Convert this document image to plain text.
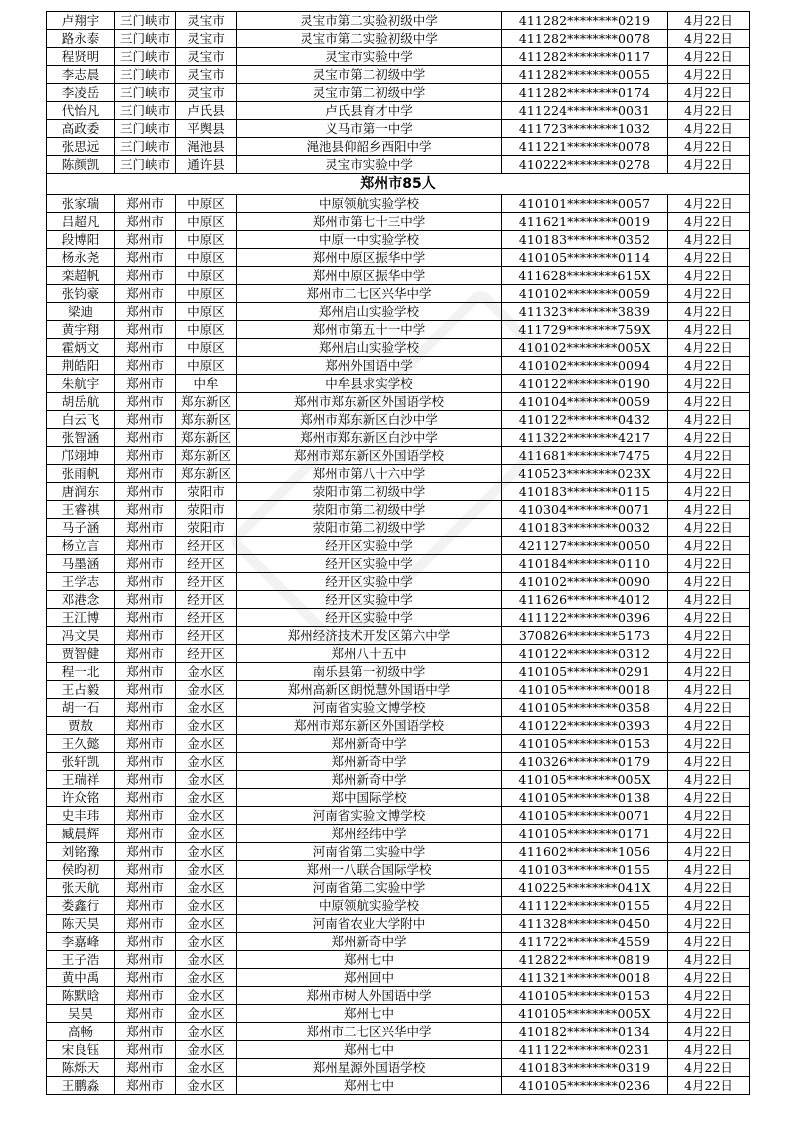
卢翔宇	三门峡市	灵宝市	灵宝市第二实验初级中学	411282********0219	4月22日
路永泰	三门峡市	灵宝市	灵宝市第二实验初级中学	411282********0078	4月22日
程贤明	三门峡市	灵宝市	灵宝市实验中学	411282********0117	4月22日
李志晨	三门峡市	灵宝市	灵宝市第二初级中学	411282********0055	4月22日
李凌岳	三门峡市	灵宝市	灵宝市第二初级中学	411282********0174	4月22日
代怡凡	三门峡市	卢氏县	卢氏县育才中学	411224********0031	4月22日
高政委	三门峡市	平舆县	义马市第一中学	411723********1032	4月22日
张思远	三门峡市	渑池县	渑池县仰韶乡西阳中学	411221********0078	4月22日
陈颜凯	三门峡市	通许县	灵宝市实验中学	410222********0278	4月22日
郑州市85人					
张家瑞	郑州市	中原区	中原领航实验学校	410101********0057	4月22日
吕超凡	郑州市	中原区	郑州市第七十三中学	411621********0019	4月22日
段博阳	郑州市	中原区	中原一中实验学校	410183********0352	4月22日
杨永尧	郑州市	中原区	郑州中原区振华中学	410105********0114	4月22日
栾超帆	郑州市	中原区	郑州中原区振华中学	411628********615X	4月22日
张钧豪	郑州市	中原区	郑州市二七区兴华中学	410102********0059	4月22日
梁迪	郑州市	中原区	郑州启山实验学校	411323********3839	4月22日
黄宇翔	郑州市	中原区	郑州市第五十一中学	411729********759X	4月22日
霍炳文	郑州市	中原区	郑州启山实验学校	410102********005X	4月22日
荆皓阳	郑州市	中原区	郑州外国语中学	410102********0094	4月22日
朱航宇	郑州市	中牟	中牟县求实学校	410122********0190	4月22日
胡岳航	郑州市	郑东新区	郑州市郑东新区外国语学校	410104********0059	4月22日
白云飞	郑州市	郑东新区	郑州市郑东新区白沙中学	410122********0432	4月22日
张智涵	郑州市	郑东新区	郑州市郑东新区白沙中学	411322********4217	4月22日
邝翊坤	郑州市	郑东新区	郑州市郑东新区外国语学校	411681********7475	4月22日
张雨帆	郑州市	郑东新区	郑州市第八十六中学	410523********023X	4月22日
唐润东	郑州市	荥阳市	荥阳市第二初级中学	410183********0115	4月22日
王睿祺	郑州市	荥阳市	荥阳市第二初级中学	410304********0071	4月22日
马子涵	郑州市	荥阳市	荥阳市第二初级中学	410183********0032	4月22日
杨立言	郑州市	经开区	经开区实验中学	421127********0050	4月22日
马墨涵	郑州市	经开区	经开区实验中学	410184********0110	4月22日
王学志	郑州市	经开区	经开区实验中学	410102********0090	4月22日
邓港念	郑州市	经开区	经开区实验中学	411626********4012	4月22日
王江博	郑州市	经开区	经开区实验中学	411122********0396	4月22日
冯文昊	郑州市	经开区	郑州经济技术开发区第六中学	370826********5173	4月22日
贾智健	郑州市	经开区	郑州八十五中	410122********0312	4月22日
程一北	郑州市	金水区	南乐县第一初级中学	410105********0291	4月22日
王占毅	郑州市	金水区	郑州高新区朗悦慧外国语中学	410105********0018	4月22日
胡一石	郑州市	金水区	河南省实验文博学校	410105********0358	4月22日
贾敖	郑州市	金水区	郑州市郑东新区外国语学校	410122********0393	4月22日
王久懿	郑州市	金水区	郑州新奇中学	410105********0153	4月22日
张轩凯	郑州市	金水区	郑州新奇中学	410326********0179	4月22日
王瑞祥	郑州市	金水区	郑州新奇中学	410105********005X	4月22日
许众铭	郑州市	金水区	郑中国际学校	410105********0138	4月22日
史丰玮	郑州市	金水区	河南省实验文博学校	410105********0071	4月22日
臧晨辉	郑州市	金水区	郑州经纬中学	410105********0171	4月22日
刘铭豫	郑州市	金水区	河南省第二实验中学	411602********1056	4月22日
侯昀初	郑州市	金水区	郑州一八联合国际学校	410103********0155	4月22日
张天航	郑州市	金水区	河南省第二实验中学	410225********041X	4月22日
娄鑫行	郑州市	金水区	中原领航实验学校	411122********0155	4月22日
陈天昊	郑州市	金水区	河南省农业大学附中	411328********0450	4月22日
李嘉峰	郑州市	金水区	郑州新奇中学	411722********4559	4月22日
王子浩	郑州市	金水区	郑州七中	412822********0819	4月22日
黄中禹	郑州市	金水区	郑州回中	411321********0018	4月22日
陈默晗	郑州市	金水区	郑州市树人外国语中学	410105********0153	4月22日
吴昊	郑州市	金水区	郑州七中	410105********005X	4月22日
高畅	郑州市	金水区	郑州市二七区兴华中学	410182********0134	4月22日
宋良钰	郑州市	金水区	郑州七中	411122********0231	4月22日
陈烁天	郑州市	金水区	郑州星源外国语学校	410183********0319	4月22日
王鹏淼	郑州市	金水区	郑州七中	410105********0236	4月22日
